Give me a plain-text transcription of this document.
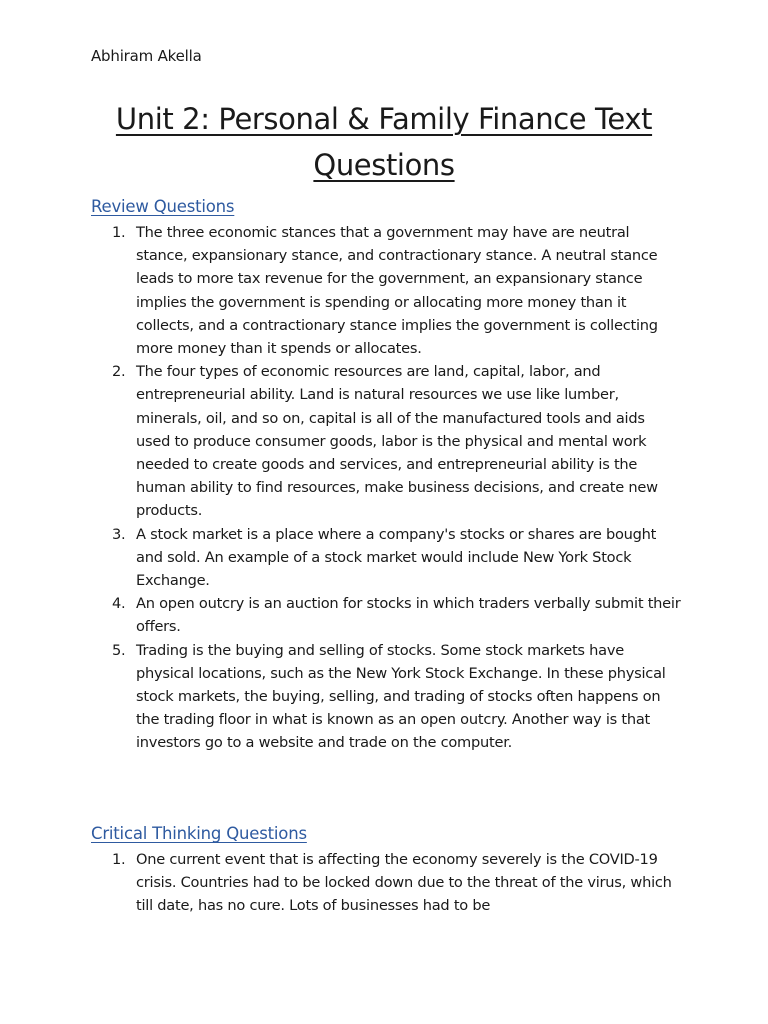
Abhiram Akella
Unit 2: Personal & Family Finance Text Questions
Review Questions
1. The three economic stances that a government may have are neutral stance, expansionary stance, and contractionary stance. A neutral stance leads to more tax revenue for the government, an expansionary stance implies the government is spending or allocating more money than it collects, and a contractionary stance implies the government is collecting more money than it spends or allocates.
2. The four types of economic resources are land, capital, labor, and entrepreneurial ability. Land is natural resources we use like lumber, minerals, oil, and so on, capital is all of the manufactured tools and aids used to produce consumer goods, labor is the physical and mental work needed to create goods and services, and entrepreneurial ability is the human ability to find resources, make business decisions, and create new products.
3. A stock market is a place where a company's stocks or shares are bought and sold. An example of a stock market would include New York Stock Exchange.
4. An open outcry is an auction for stocks in which traders verbally submit their offers.
5. Trading is the buying and selling of stocks. Some stock markets have physical locations, such as the New York Stock Exchange. In these physical stock markets, the buying, selling, and trading of stocks often happens on the trading floor in what is known as an open outcry. Another way is that investors go to a website and trade on the computer.
Critical Thinking Questions
1. One current event that is affecting the economy severely is the COVID-19 crisis. Countries had to be locked down due to the threat of the virus, which till date, has no cure. Lots of businesses had to be
